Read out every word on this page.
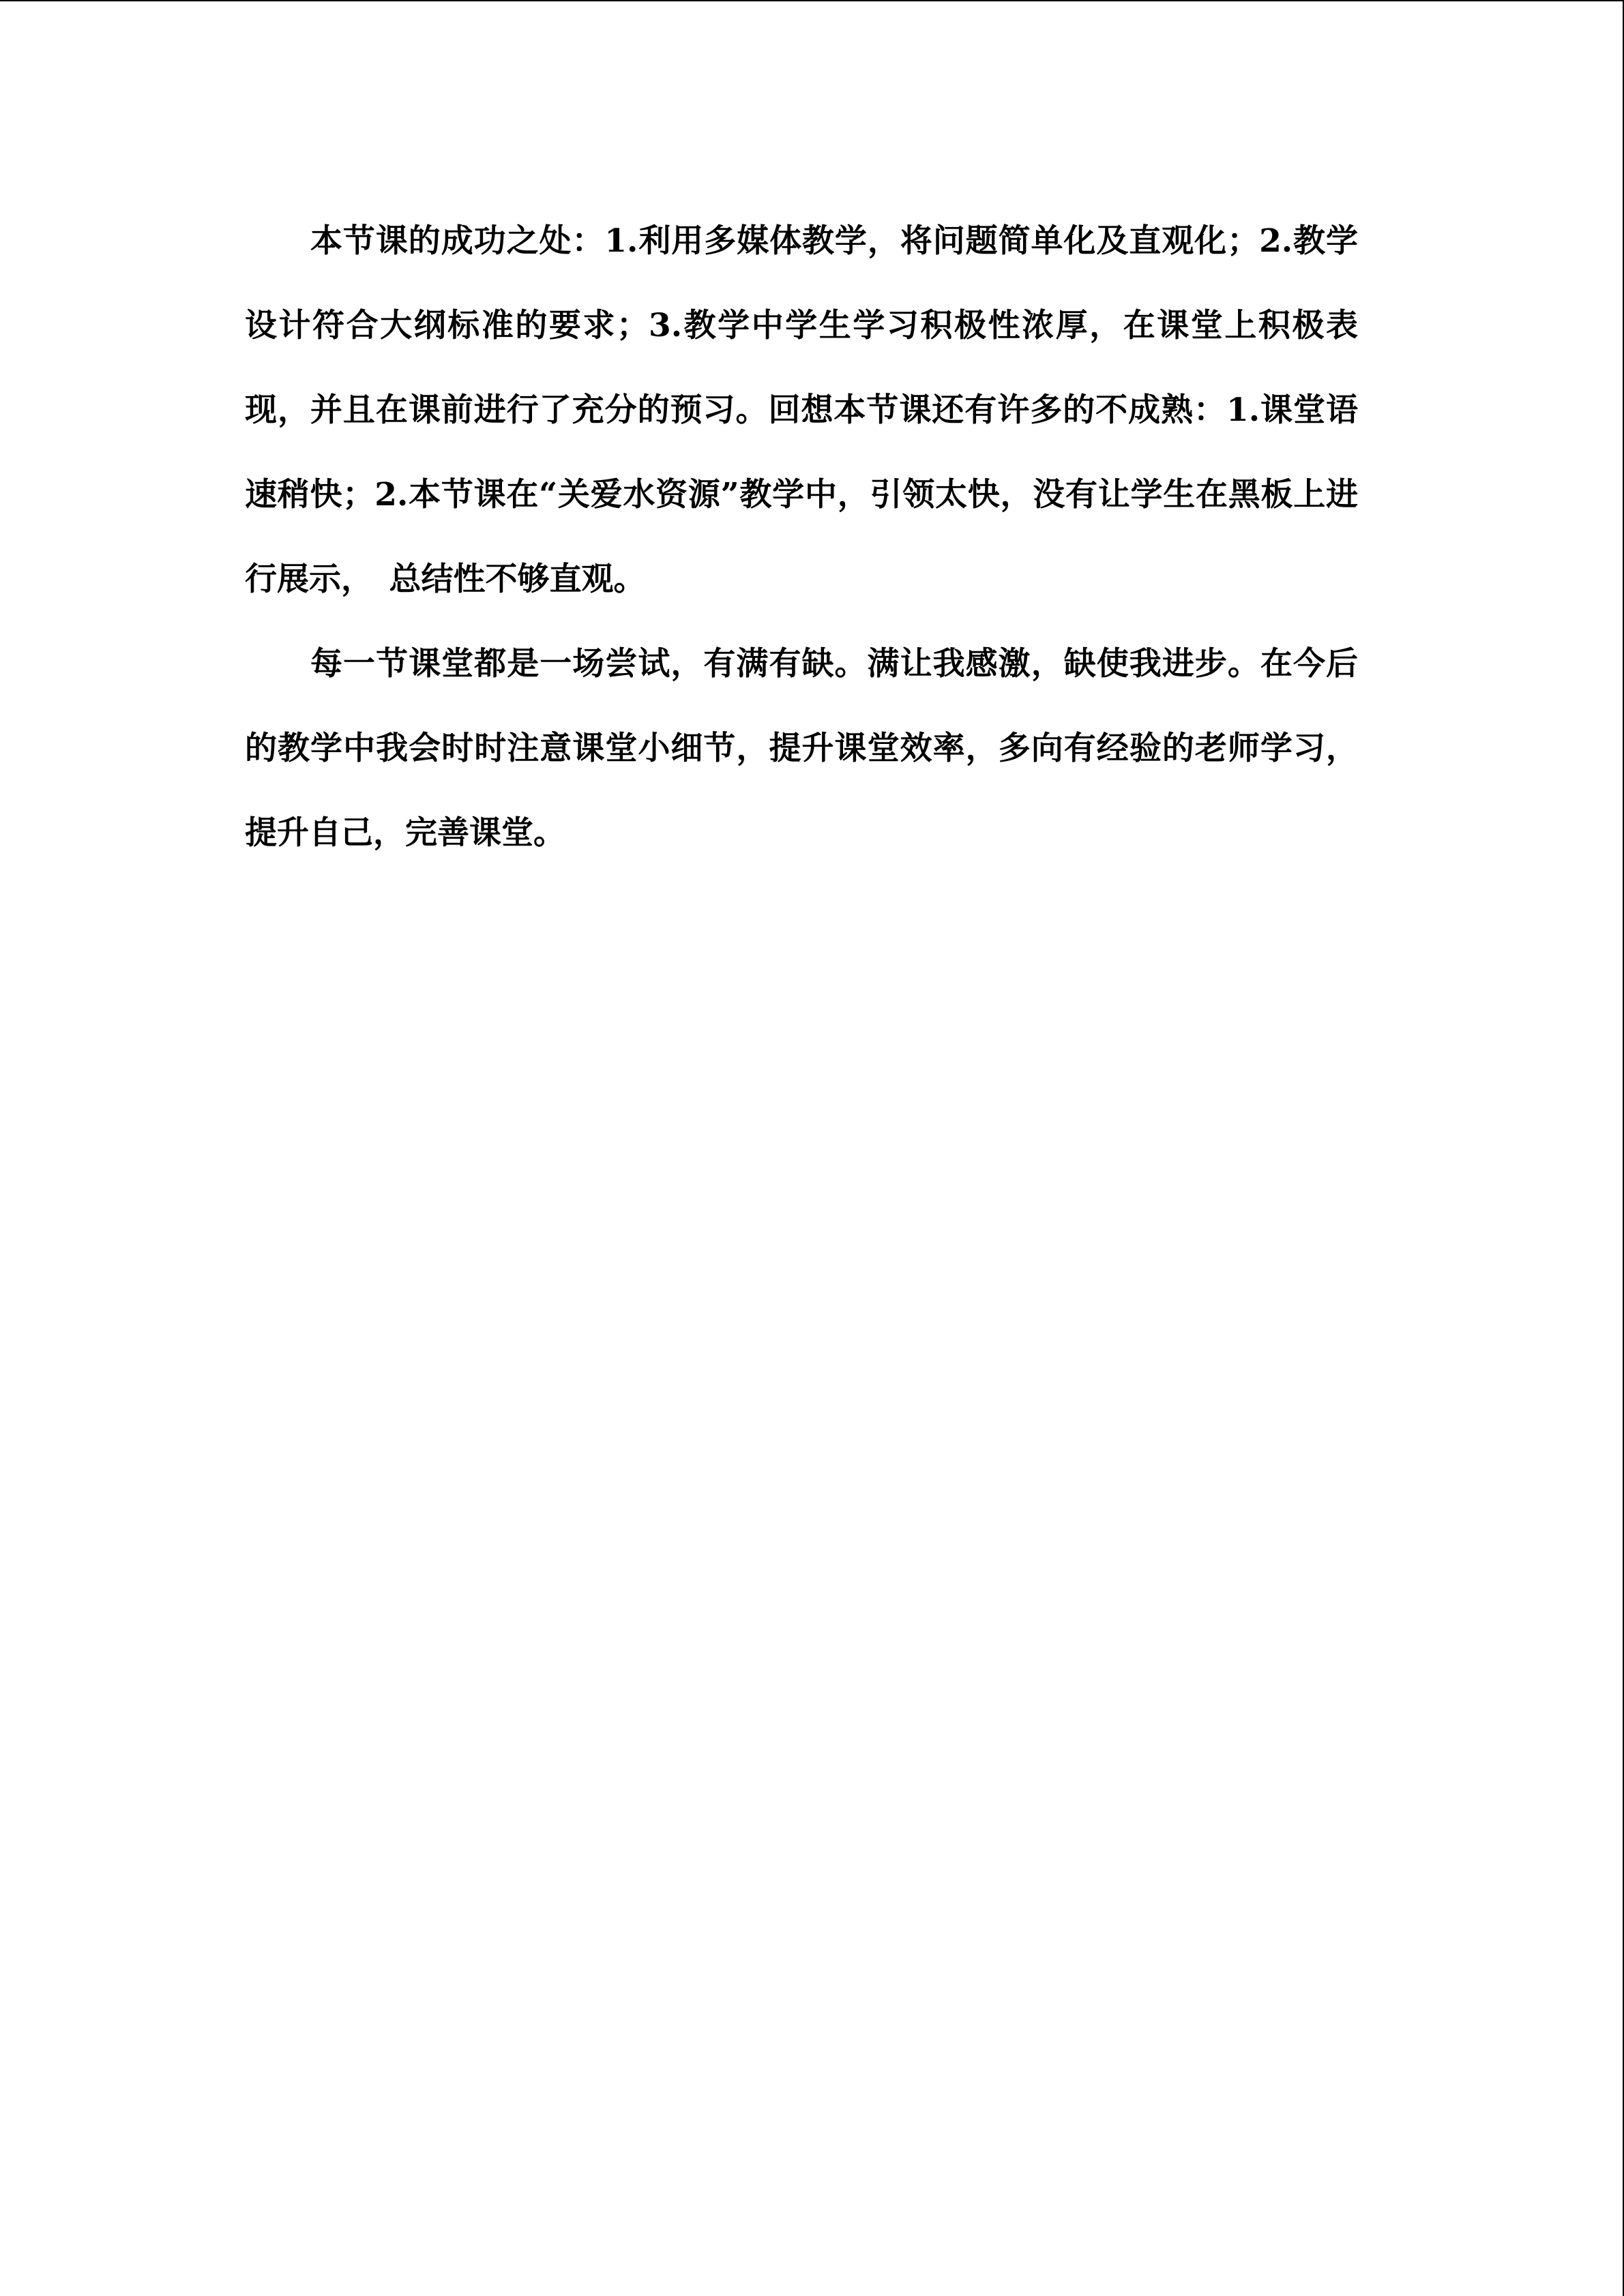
本节课的成功之处：1.利用多媒体教学，将问题简单化及直观化；2.教学设计符合大纲标准的要求；3.教学中学生学习积极性浓厚，在课堂上积极表现，并且在课前进行了充分的预习。回想本节课还有许多的不成熟：1.课堂语速稍快；2.本节课在“关爱水资源”教学中，引领太快，没有让学生在黑板上进行展示，　总结性不够直观。

每一节课堂都是一场尝试，有满有缺。满让我感激，缺使我进步。在今后的教学中我会时时注意课堂小细节，提升课堂效率，多向有经验的老师学习，提升自己，完善课堂。
